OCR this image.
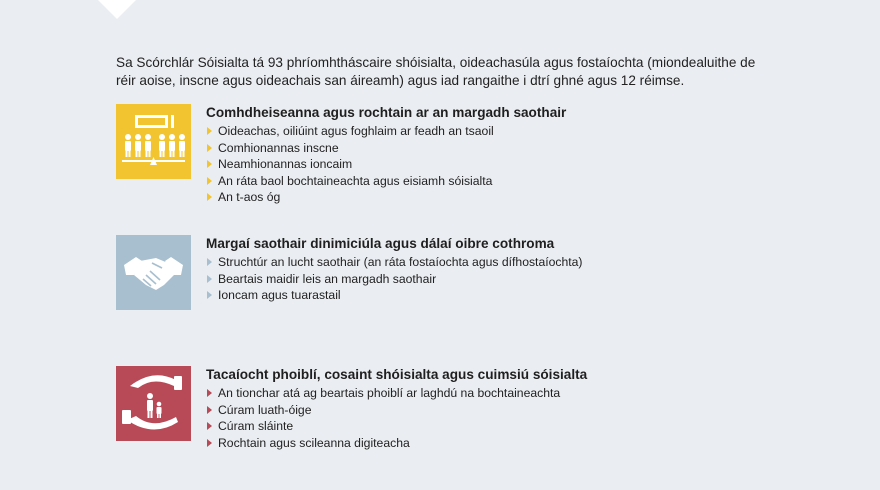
Sa Scórchlár Sóisialta tá 93 phríomhtháscaire shóisialta, oideachasúla agus fostaíochta (miondealuithe de réir aoise, inscne agus oideachais san áireamh) agus iad rangaithe i dtrí ghné agus 12 réimse.

Comhdheiseanna agus rochtain ar an margadh saothair
Oideachas, oiliúint agus foghlaim ar feadh an tsaoil
Comhionannas inscne
Neamhionannas ioncaim
An ráta baol bochtaineachta agus eisiamh sóisialta
An t-aos óg
Margaí saothair dinimiciúla agus dálaí oibre cothroma
Struchtúr an lucht saothair (an ráta fostaíochta agus dífhostaíochta)
Beartais maidir leis an margadh saothair
Ioncam agus tuarastail
Tacaíocht phoiblí, cosaint shóisialta agus cuimsiú sóisialta
An tionchar atá ag beartais phoiblí ar laghdú na bochtaineachta
Cúram luath-óige
Cúram sláinte
Rochtain agus scileanna digiteacha
